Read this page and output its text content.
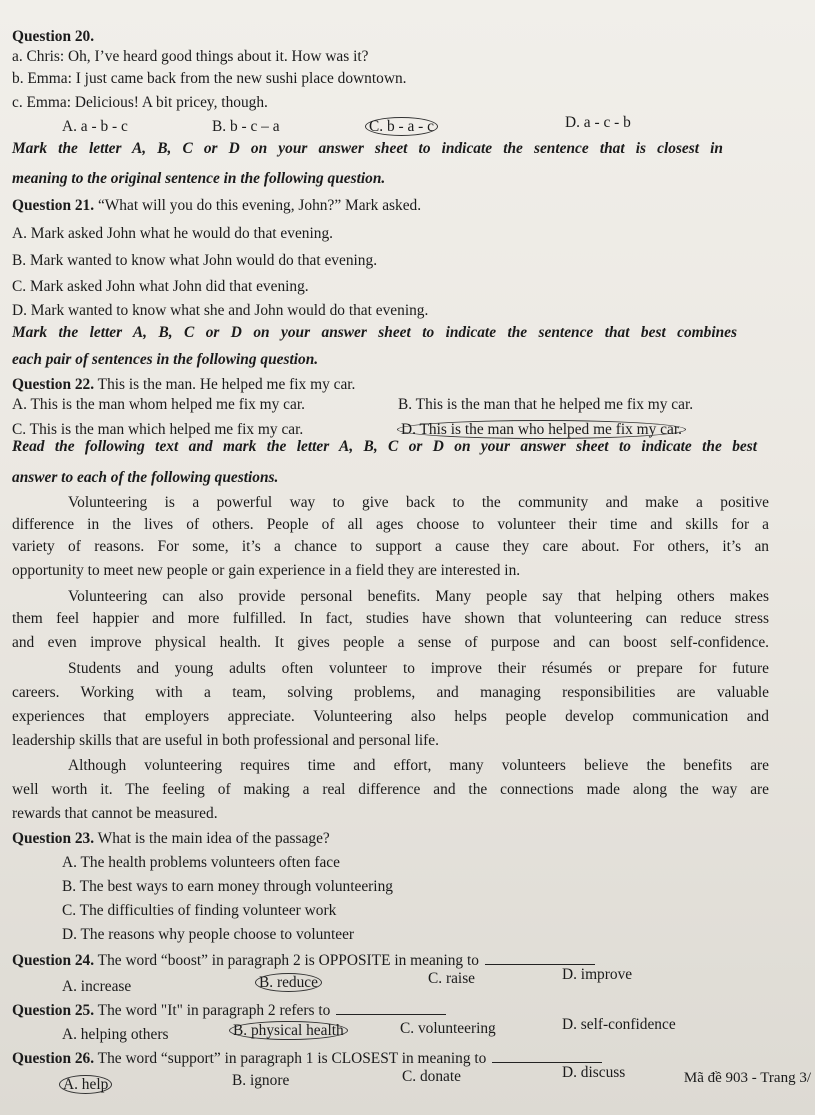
Question 20.
a. Chris: Oh, I’ve heard good things about it. How was it?
b. Emma: I just came back from the new sushi place downtown.
c. Emma: Delicious! A bit pricey, though.
A. a - b - c	B. b - c – a	C. b - a - c	D. a - c - b
Mark the letter A, B, C or D on your answer sheet to indicate the sentence that is closest in
meaning to the original sentence in the following question.
Question 21. “What will you do this evening, John?” Mark asked.
A. Mark asked John what he would do that evening.
B. Mark wanted to know what John would do that evening.
C. Mark asked John what John did that evening.
D. Mark wanted to know what she and John would do that evening.
Mark the letter A, B, C or D on your answer sheet to indicate the sentence that best combines
each pair of sentences in the following question.
Question 22. This is the man. He helped me fix my car.
A. This is the man whom helped me fix my car.	B. This is the man that he helped me fix my car.
C. This is the man which helped me fix my car.	D. This is the man who helped me fix my car.
Read the following text and mark the letter A, B, C or D on your answer sheet to indicate the best
answer to each of the following questions.
Volunteering is a powerful way to give back to the community and make a positive
difference in the lives of others. People of all ages choose to volunteer their time and skills for a
variety of reasons. For some, it’s a chance to support a cause they care about. For others, it’s an
opportunity to meet new people or gain experience in a field they are interested in.
Volunteering can also provide personal benefits. Many people say that helping others makes
them feel happier and more fulfilled. In fact, studies have shown that volunteering can reduce stress
and even improve physical health. It gives people a sense of purpose and can boost self-confidence.
Students and young adults often volunteer to improve their résumés or prepare for future
careers. Working with a team, solving problems, and managing responsibilities are valuable
experiences that employers appreciate. Volunteering also helps people develop communication and
leadership skills that are useful in both professional and personal life.
Although volunteering requires time and effort, many volunteers believe the benefits are
well worth it. The feeling of making a real difference and the connections made along the way are
rewards that cannot be measured.
Question 23. What is the main idea of the passage?
A. The health problems volunteers often face
B. The best ways to earn money through volunteering
C. The difficulties of finding volunteer work
D. The reasons why people choose to volunteer
Question 24. The word “boost” in paragraph 2 is OPPOSITE in meaning to
A. increase	B. reduce	C. raise	D. improve
Question 25. The word "It" in paragraph 2 refers to
A. helping others	B. physical health	C. volunteering	D. self-confidence
Question 26. The word “support” in paragraph 1 is CLOSEST in meaning to
A. help	B. ignore	C. donate	D. discuss	Mã đề 903 - Trang 3/
